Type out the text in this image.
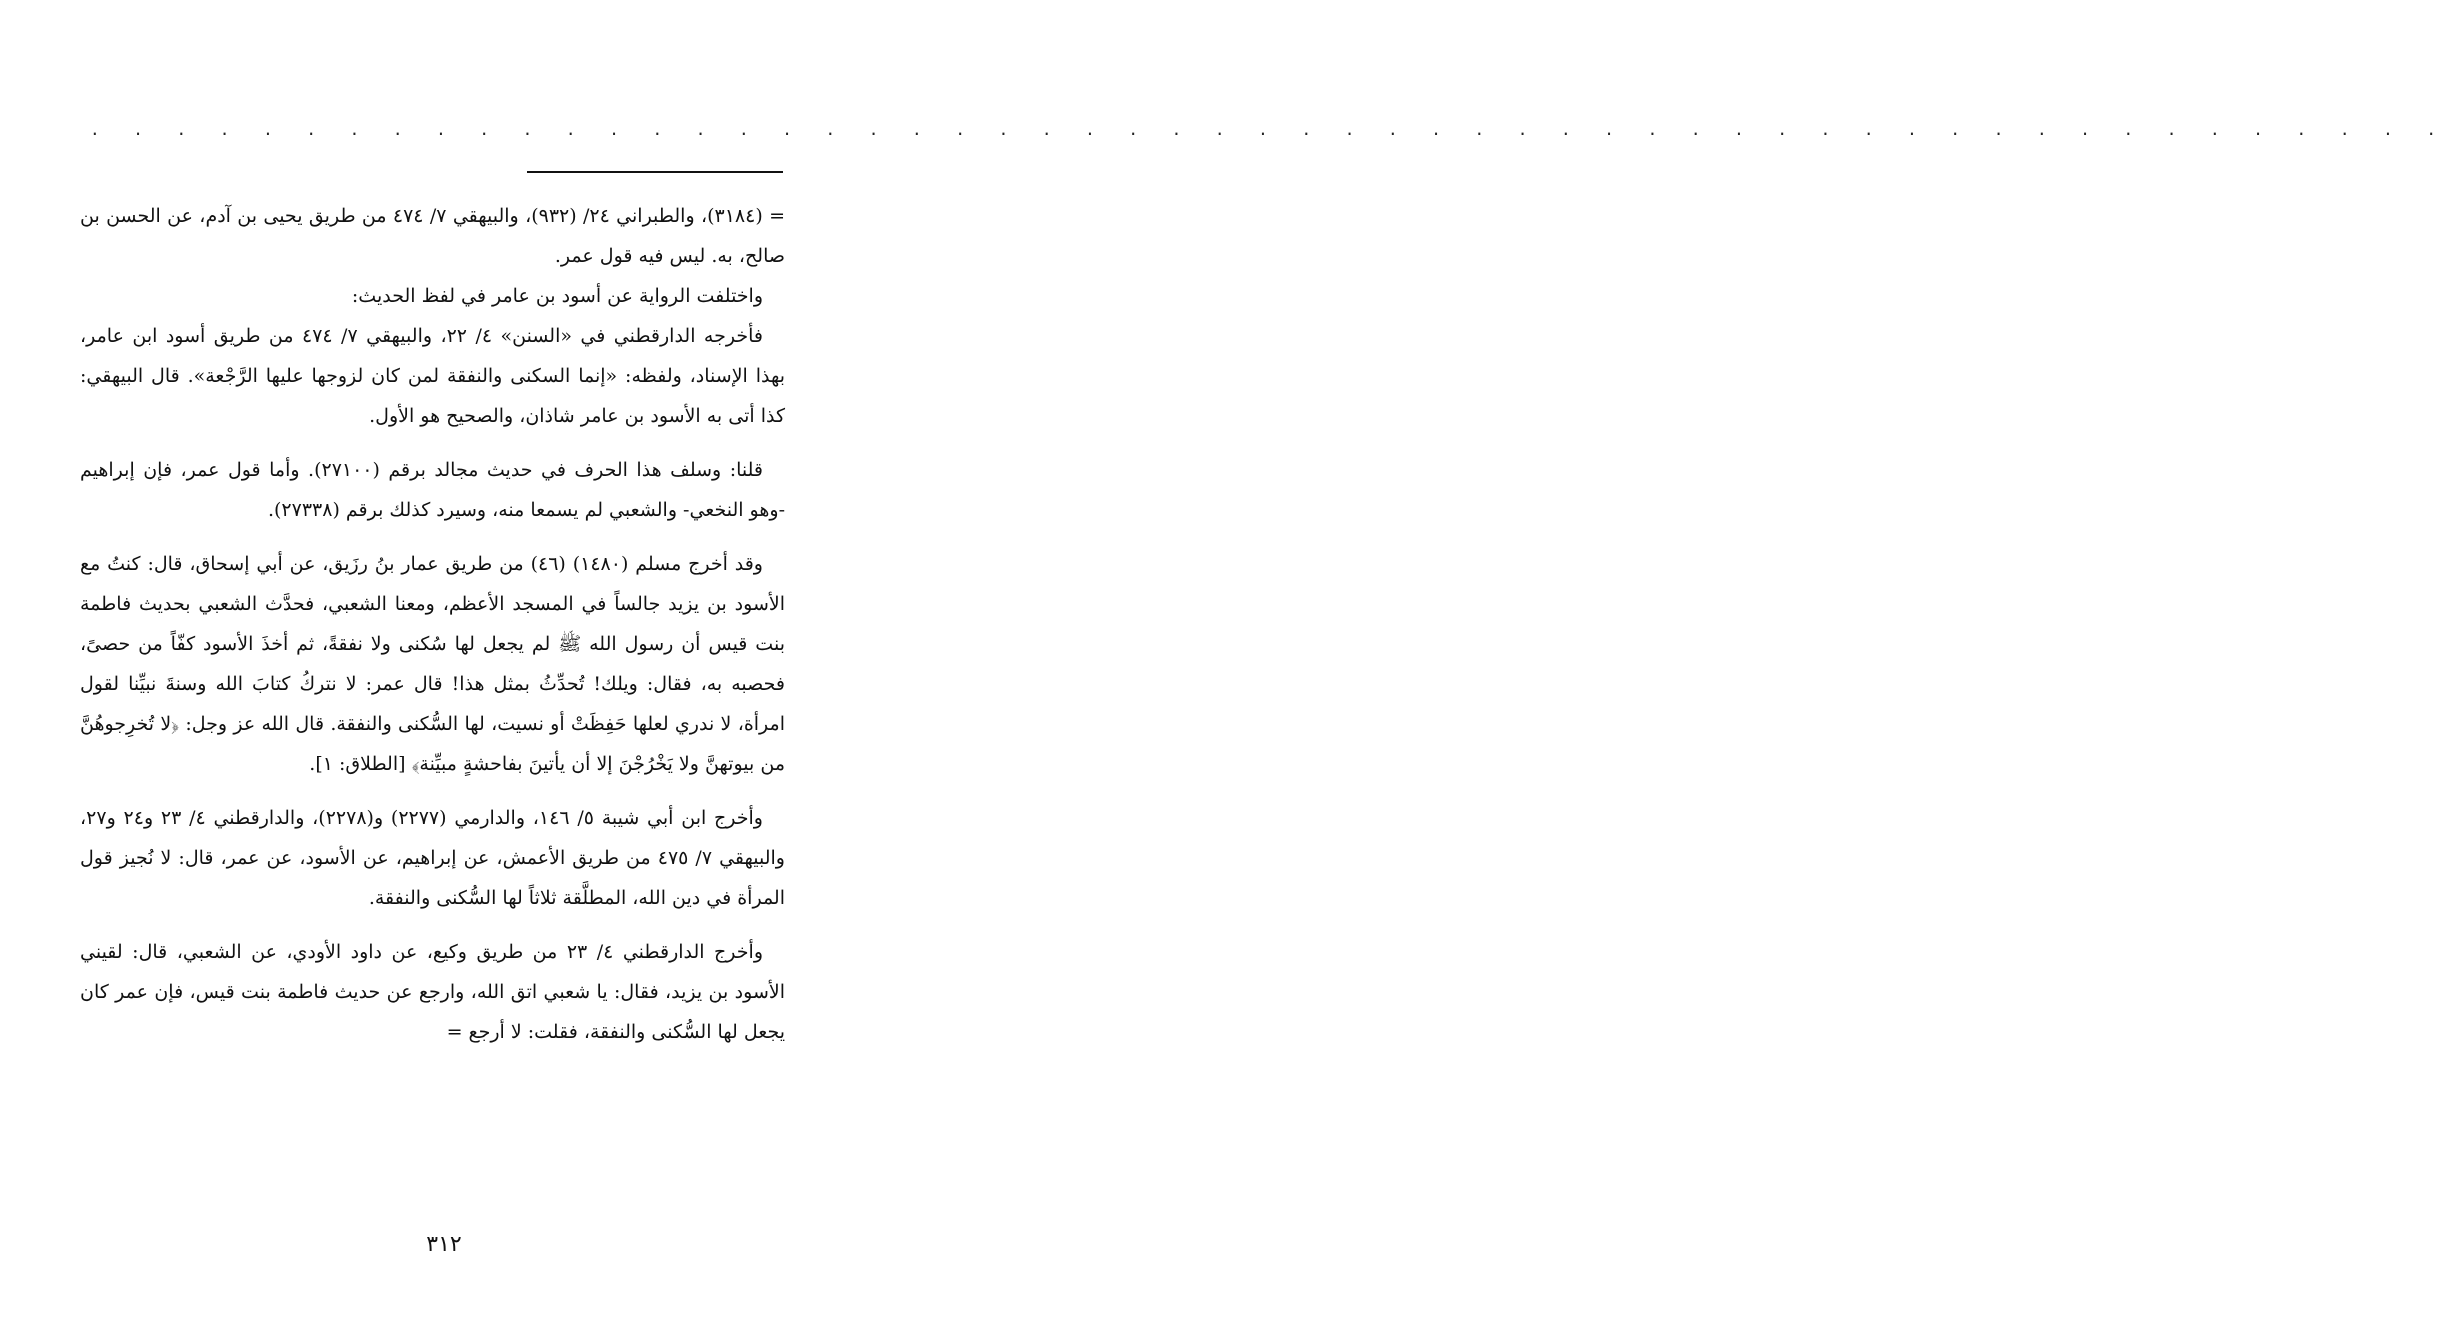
. . . . . . . . . . . . . . . . . . . . . . . . . . . . . . . . . . . . . . . . . . . . . . . . . . . . . . .

= (٣١٨٤)، والطبراني ٢٤/ (٩٣٢)، والبيهقي ٧/ ٤٧٤ من طريق يحيى بن آدم، عن الحسن بن صالح، به. ليس فيه قول عمر.

واختلفت الرواية عن أسود بن عامر في لفظ الحديث:

فأخرجه الدارقطني في «السنن» ٤/ ٢٢، والبيهقي ٧/ ٤٧٤ من طريق أسود ابن عامر، بهذا الإسناد، ولفظه: «إنما السكنى والنفقة لمن كان لزوجها عليها الرَّجْعة». قال البيهقي: كذا أتى به الأسود بن عامر شاذان، والصحيح هو الأول.

قلنا: وسلف هذا الحرف في حديث مجالد برقم (٢٧١٠٠). وأما قول عمر، فإن إبراهيم -وهو النخعي- والشعبي لم يسمعا منه، وسيرد كذلك برقم (٢٧٣٣٨).

وقد أخرج مسلم (١٤٨٠) (٤٦) من طريق عمار بنُ رزَيق، عن أبي إسحاق، قال: كنتُ مع الأسود بن يزيد جالساً في المسجد الأعظم، ومعنا الشعبي، فحدَّث الشعبي بحديث فاطمة بنت قيس أن رسول الله ﷺ لم يجعل لها سُكنى ولا نفقةً، ثم أخذَ الأسود كفّاً من حصىً، فحصبه به، فقال: ويلك! تُحدِّثُ بمثل هذا! قال عمر: لا نتركُ كتابَ الله وسنةَ نبيِّنا لقول امرأة، لا ندري لعلها حَفِظَتْ أو نسيت، لها السُّكنى والنفقة. قال الله عز وجل: ﴿لا تُخرِجوهُنَّ من بيوتهنَّ ولا يَخْرُجْنَ إلا أن يأتينَ بفاحشةٍ مبيِّنة﴾ [الطلاق: ١].

وأخرج ابن أبي شيبة ٥/ ١٤٦، والدارمي (٢٢٧٧) و(٢٢٧٨)، والدارقطني ٤/ ٢٣ و٢٤ و٢٧، والبيهقي ٧/ ٤٧٥ من طريق الأعمش، عن إبراهيم، عن الأسود، عن عمر، قال: لا نُجيز قول المرأة في دين الله، المطلَّقة ثلاثاً لها السُّكنى والنفقة.

وأخرج الدارقطني ٤/ ٢٣ من طريق وكيع، عن داود الأودي، عن الشعبي، قال: لقيني الأسود بن يزيد، فقال: يا شعبي اتق الله، وارجع عن حديث فاطمة بنت قيس، فإن عمر كان يجعل لها السُّكنى والنفقة، فقلت: لا أرجع =

٣١٢
